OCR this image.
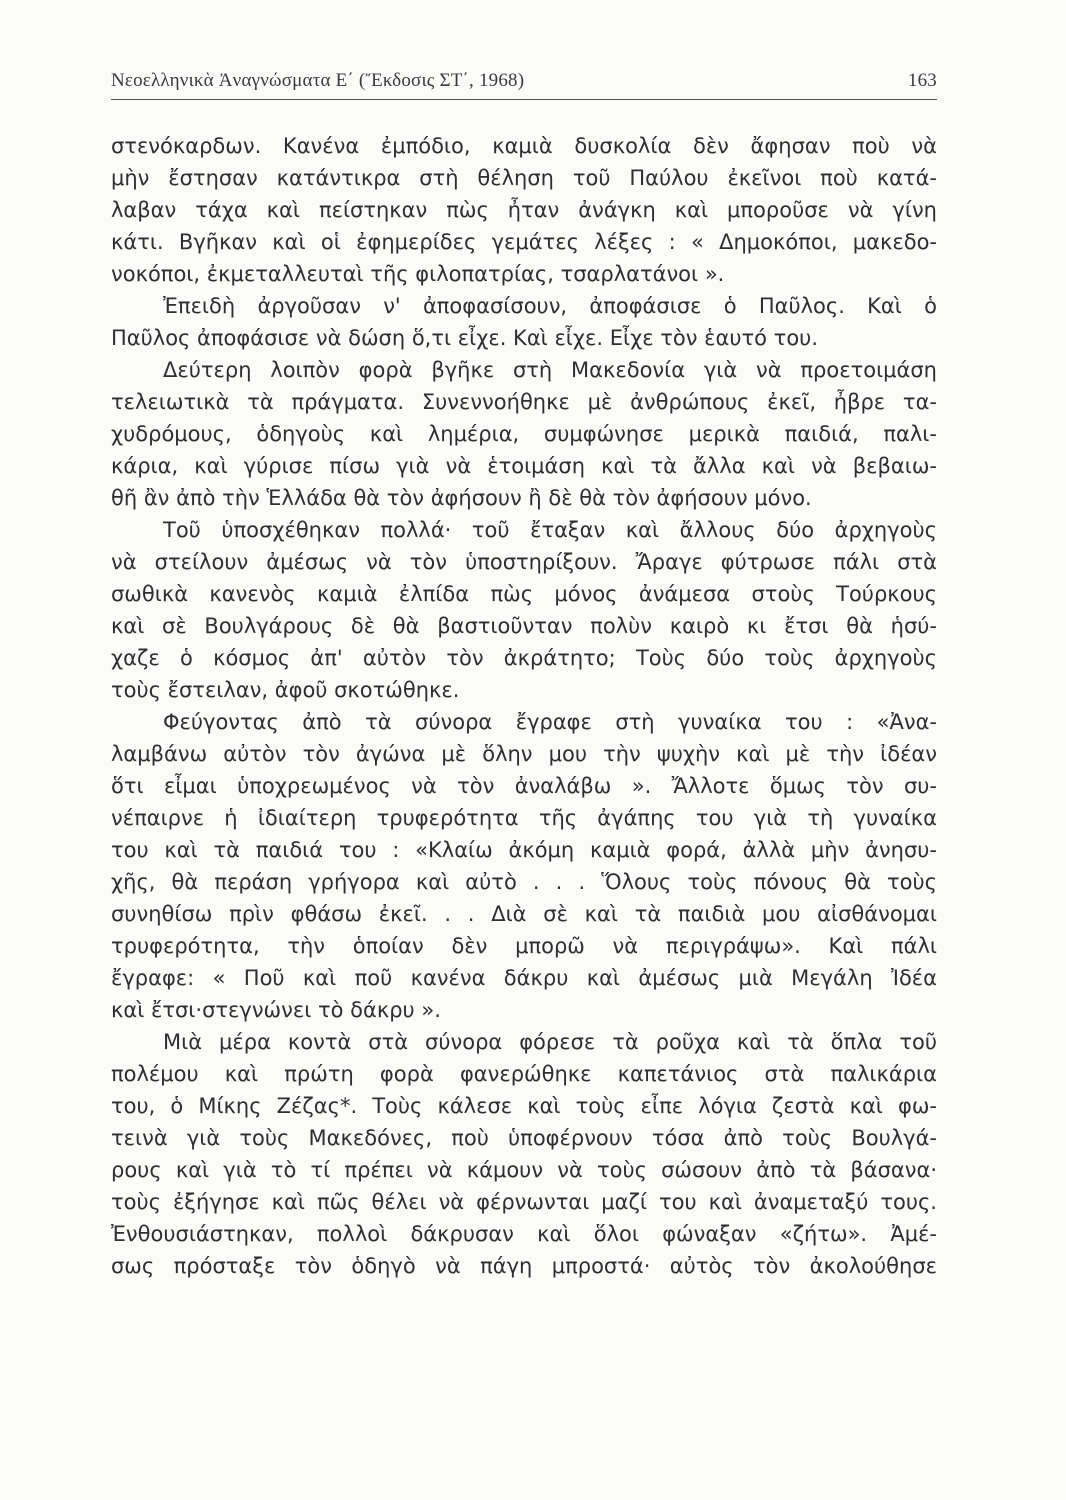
Νεοελληνικὰ Ἀναγνώσματα Ε΄ (Ἔκδοσις ΣΤ΄, 1968)	163
στενόκαρδων. Κανένα ἐμπόδιο, καμιὰ δυσκολία δὲν ἄφησαν ποὺ νὰ
μὴν ἔστησαν κατάντικρα στὴ θέληση τοῦ Παύλου ἐκεῖνοι ποὺ κατά-
λαβαν τάχα καὶ πείστηκαν πὼς ἦταν ἀνάγκη καὶ μποροῦσε νὰ γίνη
κάτι. Βγῆκαν καὶ οἱ ἐφημερίδες γεμάτες λέξες : « Δημοκόποι, μακεδο-
νοκόποι, ἐκμεταλλευταὶ τῆς φιλοπατρίας, τσαρλατάνοι ».
Ἐπειδὴ ἀργοῦσαν ν' ἀποφασίσουν, ἀποφάσισε ὁ Παῦλος. Καὶ ὁ
Παῦλος ἀποφάσισε νὰ δώση ὅ,τι εἶχε. Καὶ εἶχε. Εἶχε τὸν ἑαυτό του.
Δεύτερη λοιπὸν φορὰ βγῆκε στὴ Μακεδονία γιὰ νὰ προετοιμάση
τελειωτικὰ τὰ πράγματα. Συνεννοήθηκε μὲ ἀνθρώπους ἐκεῖ, ἦβρε τα-
χυδρόμους, ὁδηγοὺς καὶ λημέρια, συμφώνησε μερικὰ παιδιά, παλι-
κάρια, καὶ γύρισε πίσω γιὰ νὰ ἑτοιμάση καὶ τὰ ἄλλα καὶ νὰ βεβαιω-
θῆ ἂν ἀπὸ τὴν Ἑλλάδα θὰ τὸν ἀφήσουν ἢ δὲ θὰ τὸν ἀφήσουν μόνο.
Τοῦ ὑποσχέθηκαν πολλά· τοῦ ἔταξαν καὶ ἄλλους δύο ἀρχηγοὺς
νὰ στείλουν ἀμέσως νὰ τὸν ὑποστηρίξουν. Ἄραγε φύτρωσε πάλι στὰ
σωθικὰ κανενὸς καμιὰ ἐλπίδα πὼς μόνος ἀνάμεσα στοὺς Τούρκους
καὶ σὲ Βουλγάρους δὲ θὰ βαστιοῦνταν πολὺν καιρὸ κι ἔτσι θὰ ἡσύ-
χαζε ὁ κόσμος ἀπ' αὐτὸν τὸν ἀκράτητο; Τοὺς δύο τοὺς ἀρχηγοὺς
τοὺς ἔστειλαν, ἀφοῦ σκοτώθηκε.
Φεύγοντας ἀπὸ τὰ σύνορα ἔγραφε στὴ γυναίκα του : «Ἀνα-
λαμβάνω αὐτὸν τὸν ἀγώνα μὲ ὅλην μου τὴν ψυχὴν καὶ μὲ τὴν ἰδέαν
ὅτι εἶμαι ὑποχρεωμένος νὰ τὸν ἀναλάβω ». Ἄλλοτε ὅμως τὸν συ-
νέπαιρνε ἡ ἰδιαίτερη τρυφερότητα τῆς ἀγάπης του γιὰ τὴ γυναίκα
του καὶ τὰ παιδιά του : «Κλαίω ἀκόμη καμιὰ φορά, ἀλλὰ μὴν ἀνησυ-
χῆς, θὰ περάση γρήγορα καὶ αὐτὸ . . . Ὅλους τοὺς πόνους θὰ τοὺς
συνηθίσω πρὶν φθάσω ἐκεῖ. . . Διὰ σὲ καὶ τὰ παιδιὰ μου αἰσθάνομαι
τρυφερότητα, τὴν ὁποίαν δὲν μπορῶ νὰ περιγράψω». Καὶ πάλι
ἔγραφε: « Ποῦ καὶ ποῦ κανένα δάκρυ καὶ ἀμέσως μιὰ Μεγάλη Ἰδέα
καὶ ἔτσι·στεγνώνει τὸ δάκρυ ».
Μιὰ μέρα κοντὰ στὰ σύνορα φόρεσε τὰ ροῦχα καὶ τὰ ὅπλα τοῦ
πολέμου καὶ πρώτη φορὰ φανερώθηκε καπετάνιος στὰ παλικάρια
του, ὁ Μίκης Ζέζας*. Τοὺς κάλεσε καὶ τοὺς εἶπε λόγια ζεστὰ καὶ φω-
τεινὰ γιὰ τοὺς Μακεδόνες, ποὺ ὑποφέρνουν τόσα ἀπὸ τοὺς Βουλγά-
ρους καὶ γιὰ τὸ τί πρέπει νὰ κάμουν νὰ τοὺς σώσουν ἀπὸ τὰ βάσανα·
τοὺς ἐξήγησε καὶ πῶς θέλει νὰ φέρνωνται μαζί του καὶ ἀναμεταξύ τους.
Ἐνθουσιάστηκαν, πολλοὶ δάκρυσαν καὶ ὅλοι φώναξαν «ζήτω». Ἀμέ-
σως πρόσταξε τὸν ὁδηγὸ νὰ πάγη μπροστά· αὐτὸς τὸν ἀκολούθησε
